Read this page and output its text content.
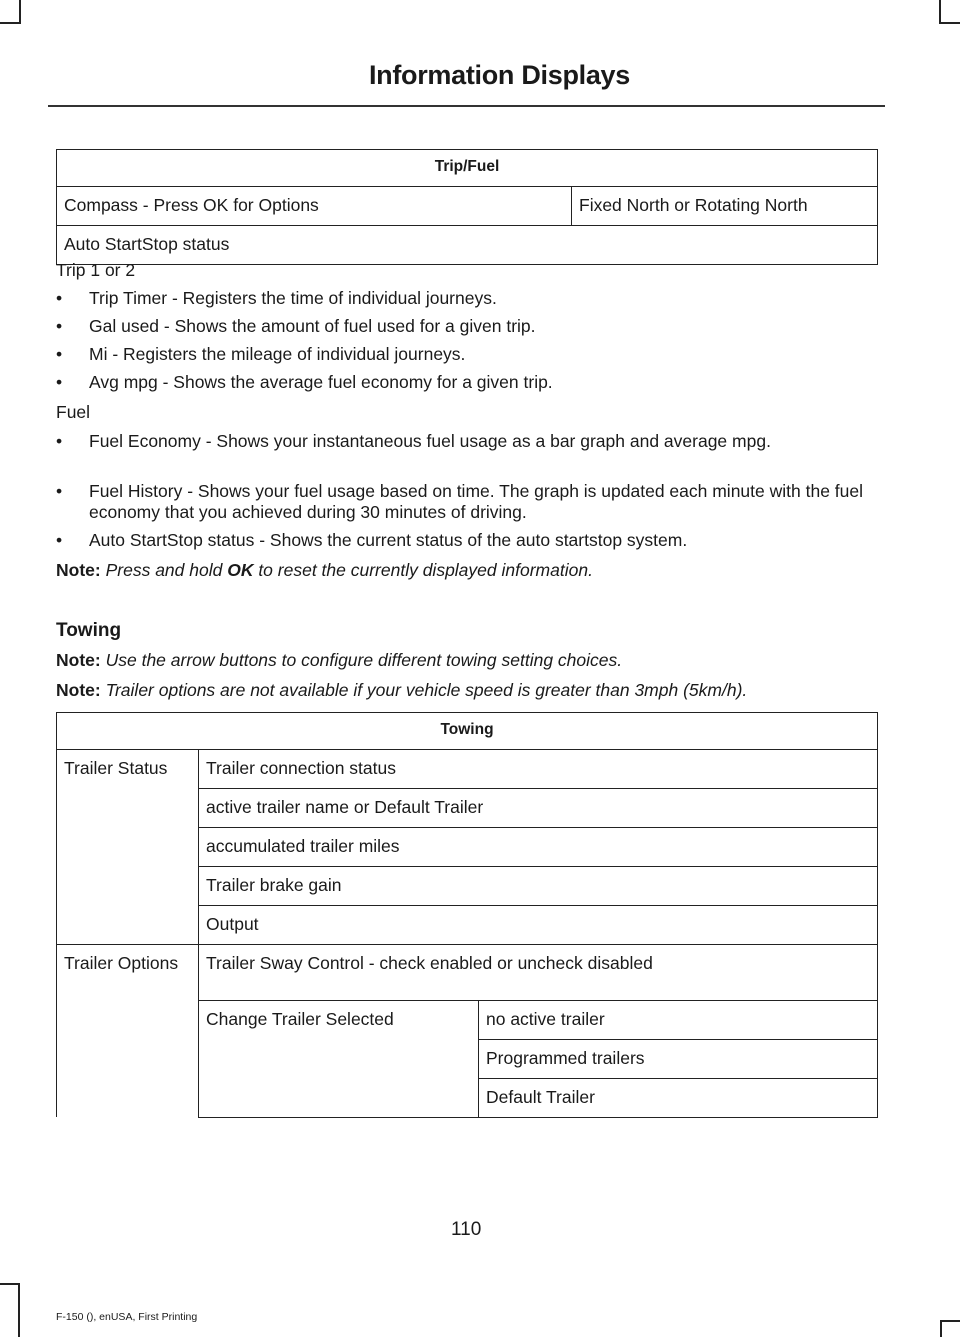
Information Displays
Trip/Fuel
Compass - Press OK for Options	Fixed North or Rotating North
Auto StartStop status
Trip 1 or 2
• Trip Timer - Registers the time of individual journeys.
• Gal used - Shows the amount of fuel used for a given trip.
• Mi - Registers the mileage of individual journeys.
• Avg mpg - Shows the average fuel economy for a given trip.
Fuel
• Fuel Economy - Shows your instantaneous fuel usage as a bar graph and average mpg.
• Fuel History - Shows your fuel usage based on time. The graph is updated each minute with the fuel economy that you achieved during 30 minutes of driving.
• Auto StartStop status - Shows the current status of the auto startstop system.
Note: Press and hold OK to reset the currently displayed information.
Towing
Note: Use the arrow buttons to configure different towing setting choices.
Note: Trailer options are not available if your vehicle speed is greater than 3mph (5km/h).
Towing		
Trailer Status	Trailer connection status	
	active trailer name or Default Trailer	
	accumulated trailer miles	
	Trailer brake gain	
	Output	
Trailer Options	Trailer Sway Control - check enabled or uncheck disabled	
	Change Trailer Selected	no active trailer
		Programmed trailers
		Default Trailer
110
F-150 (), enUSA, First Printing
